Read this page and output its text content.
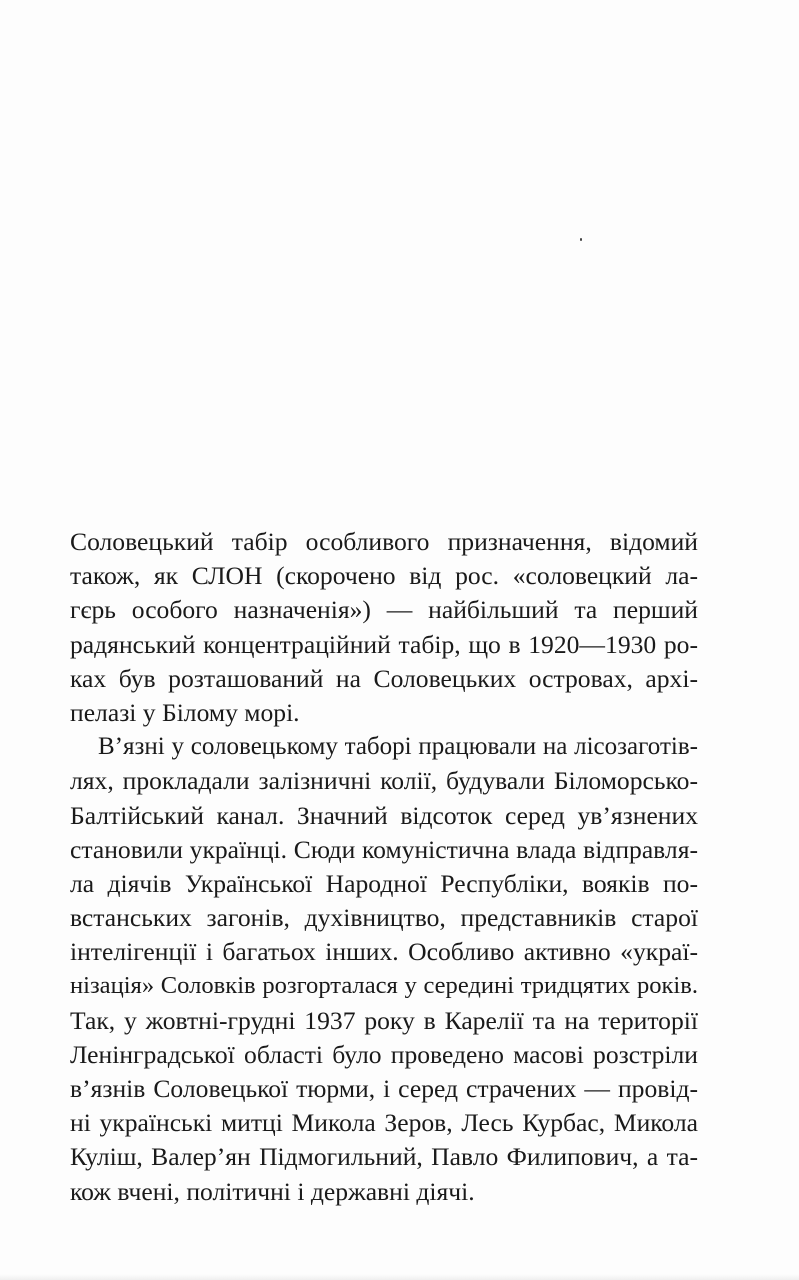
Соловецький табір особливого призначення, відомий
також, як СЛОН (скорочено від рос. «соловецкий ла-
гєрь особого назначенія») — найбільший та перший
радянський концентраційний табір, що в 1920—1930 ро-
ках був розташований на Соловецьких островах, архі-
пелазі у Білому морі.
В’язні у соловецькому таборі працювали на лісозаготів-
лях, прокладали залізничні колії, будували Біломорсько-
Балтійський канал. Значний відсоток серед ув’язнених
становили українці. Сюди комуністична влада відправля-
ла діячів Української Народної Республіки, вояків по-
встанських загонів, духівництво, представників старої
інтелігенції і багатьох інших. Особливо активно «украї-
нізація» Соловків розгорталася у середині тридцятих років.
Так, у жовтні-грудні 1937 року в Карелії та на території
Ленінградської області було проведено масові розстріли
в’язнів Соловецької тюрми, і серед страчених — провід-
ні українські митці Микола Зеров, Лесь Курбас, Микола
Куліш, Валер’ян Підмогильний, Павло Филипович, а та-
кож вчені, політичні і державні діячі.
